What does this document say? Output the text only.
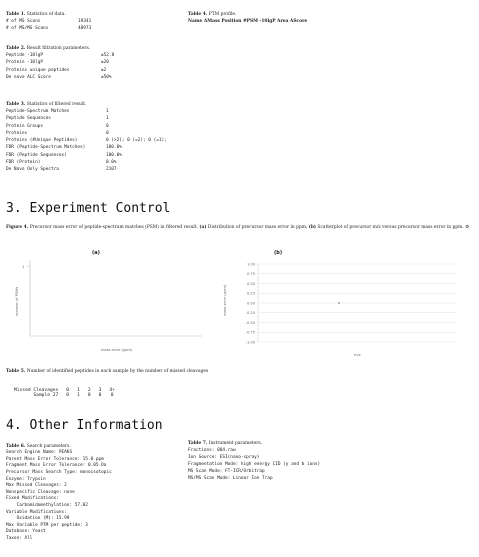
Table 1. Statistics of data.
# of MS Scans	19341
# of MS/MS Scans	40973
Table 4. PTM profile.
Name ΔMass Position #PSM -10lgP Area AScore
Table 2. Result filtration parameters.
Peptide -10lgP	≥52.8
Protein -10lgP	≥20
Proteins unique peptides	≥2
De novo ALC Score	≥50%
Table 3. Statistics of filtered result.
Peptide-Spectrum Matches	1
Peptide Sequences	1
Protein Groups	0
Proteins	0
Proteins (#Unique Peptides)	0 (>2); 0 (=2); 0 (=1);
FDR (Peptide-Spectrum Matches)	100.0%
FDR (Peptide Sequences)	100.0%
FDR (Protein)	0.0%
De Novo Only Spectra	2107
3. Experiment Control
Figure 4. Precursor mass error of peptide-spectrum matches (PSM) in filtered result. (a) Distribution of precursor mass error in ppm; (b) Scatterplot of precursor m/z versus precursor mass error in ppm. ⚙
(a)
1
number of PSMs
mass error (ppm)
(b)
1.00
0.75
0.50
0.25
0.00
-0.25
-0.50
-0.75
-1.00
mass error (ppm)
m/z
Table 5. Number of identified peptides in each sample by the number of missed cleavages
Missed Cleavages	0	1	2	3	4+
Sample 27	0	1	0	0	0
4. Other Information
Table 6. Search parameters.
Search Engine Name: PEAKS
Parent Mass Error Tolerance: 15.0 ppm
Fragment Mass Error Tolerance: 0.05 Da
Precursor Mass Search Type: monoisotopic
Enzyme: Trypsin
Max Missed Cleavages: 2
Nonspecific Cleavage: none
Fixed Modifications:
Carbamidomethylation: 57.02
Variable Modifications:
Oxidation (M): 15.99
Max Variable PTM per peptide: 3
Database: Yeast
Taxon: All
Table 7. Instrument parameters.
Fractions: 004.raw
Ion Source: ESI(nano-spray)
Fragmentation Mode: high energy CID (y and b ions)
MS Scan Mode: FT-ICR/Orbitrap
MS/MS Scan Mode: Linear Ion Trap
